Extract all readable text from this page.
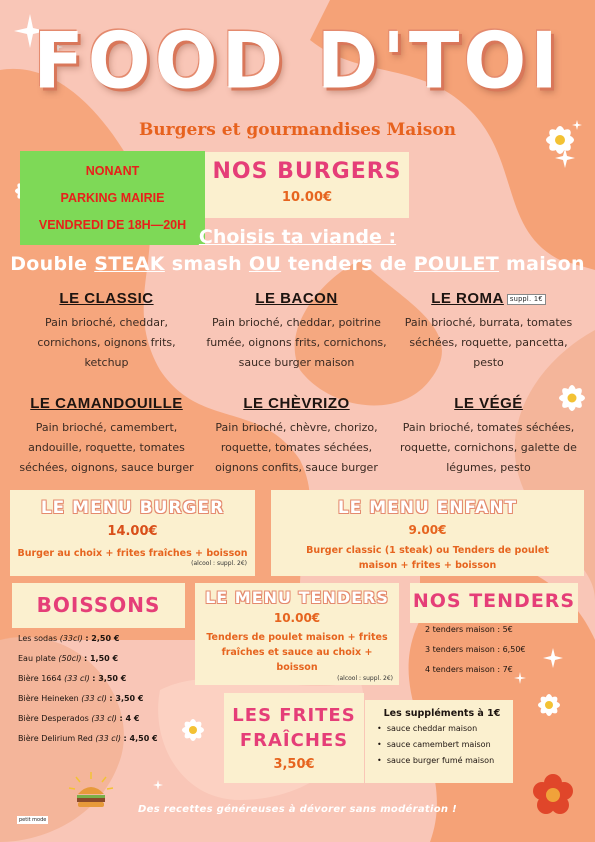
FOOD D'TOI
Burgers et gourmandises Maison
NONANT
PARKING MAIRIE
VENDREDI DE 18H—20H
NOS BURGERS
10.00€
Choisis ta viande :
Double STEAK smash OU tenders de POULET maison
LE CLASSIC
Pain brioché, cheddar, cornichons, oignons frits, ketchup
LE BACON
Pain brioché, cheddar, poitrine fumée, oignons frits, cornichons, sauce burger maison
LE ROMA suppl. 1€
Pain brioché, burrata, tomates séchées, roquette, pancetta, pesto
LE CAMANDOUILLE
Pain brioché, camembert, andouille, roquette, tomates séchées, oignons, sauce burger
LE CHÈVRIZO
Pain brioché, chèvre, chorizo, roquette, tomates séchées, oignons confits, sauce burger
LE VÉGÉ
Pain brioché, tomates séchées, roquette, cornichons, galette de légumes, pesto
LE MENU BURGER
14.00€
Burger au choix + frites fraîches + boisson
(alcool : suppl. 2€)
LE MENU ENFANT
9.00€
Burger classic (1 steak) ou Tenders de poulet maison + frites + boisson
BOISSONS
Les sodas (33cl) : 2,50 €
Eau plate (50cl) : 1,50 €
Bière 1664 (33 cl) : 3,50 €
Bière Heineken (33 cl) : 3,50 €
Bière Desperados (33 cl) : 4 €
Bière Delirium Red (33 cl) : 4,50 €
LE MENU TENDERS
10.00€
Tenders de poulet maison + frites fraîches et sauce au choix + boisson
(alcool : suppl. 2€)
NOS TENDERS
2 tenders maison : 5€
3 tenders maison : 6,50€
4 tenders maison : 7€
LES FRITES
FRAÎCHES
3,50€
Les suppléments à 1€
•  sauce cheddar maison
•  sauce camembert maison
•  sauce burger fumé maison
Des recettes généreuses à dévorer sans modération !
petit mode
